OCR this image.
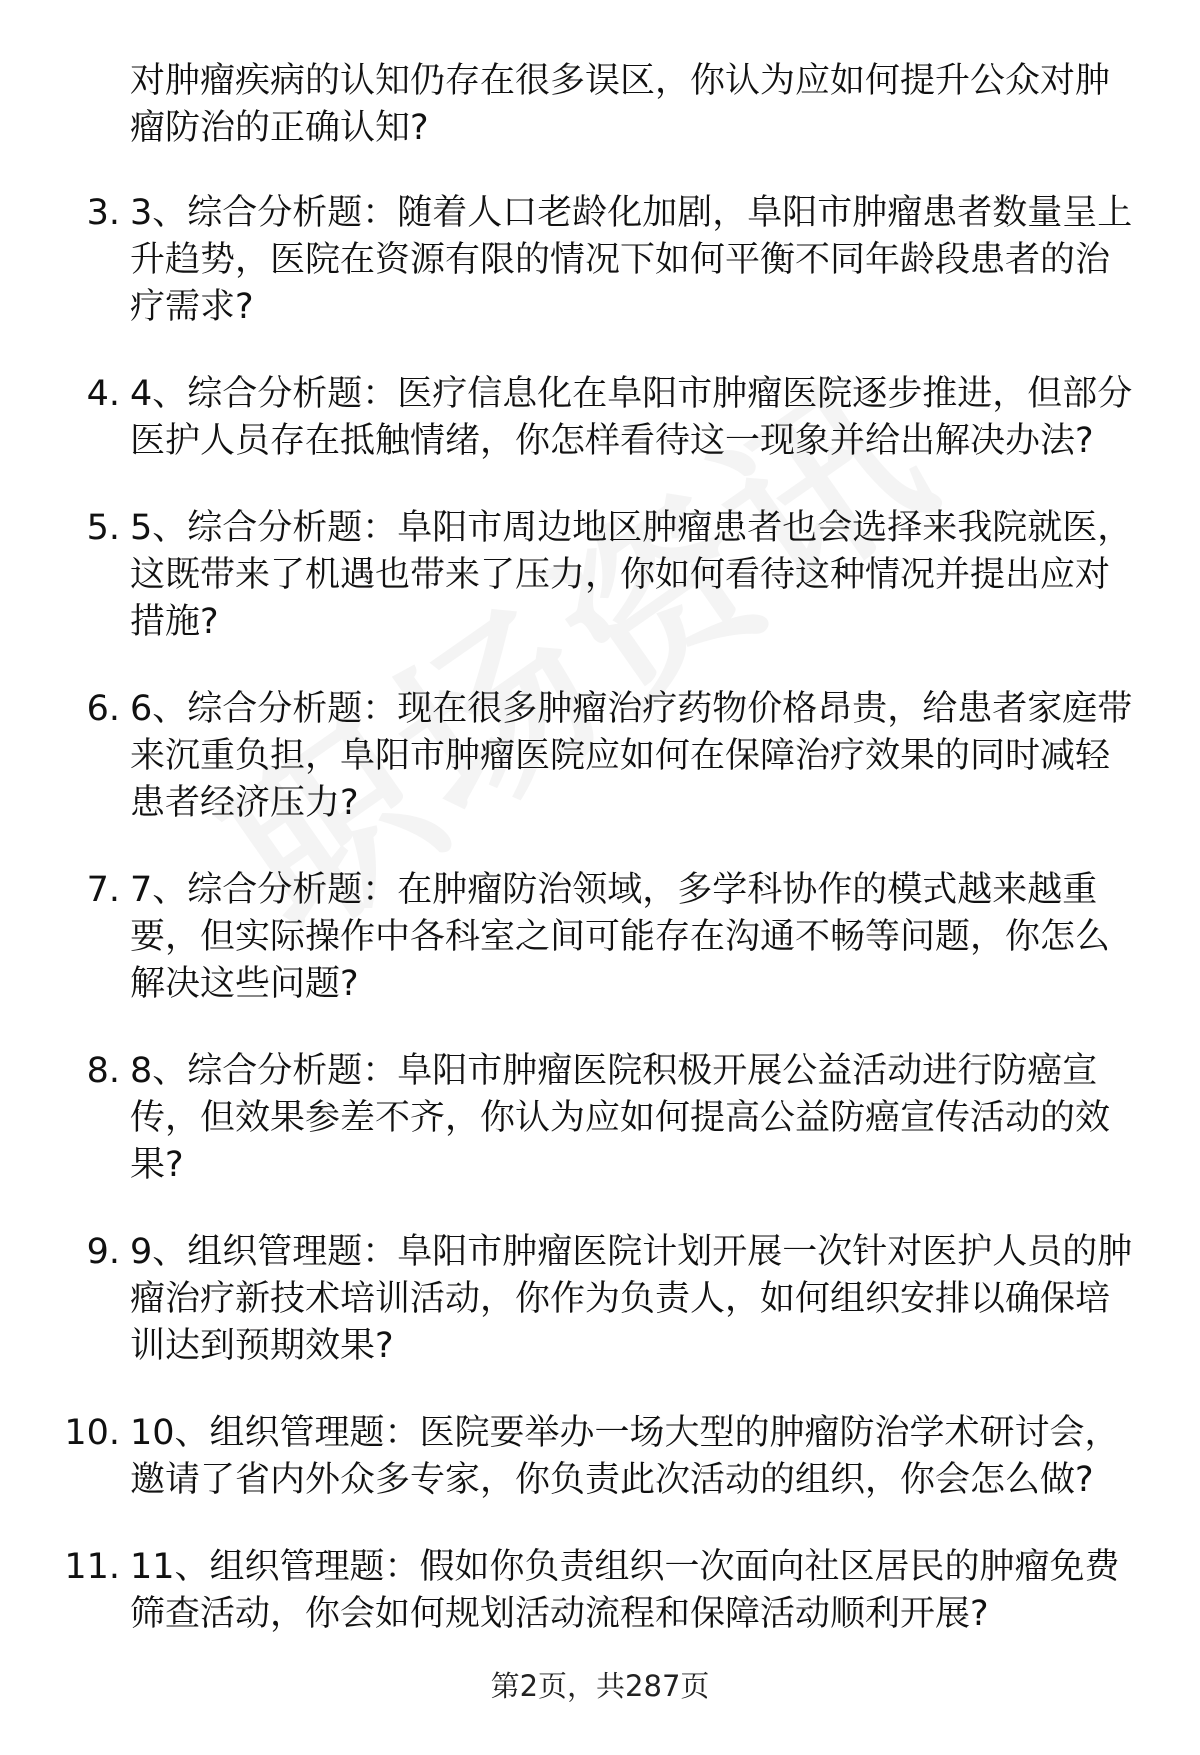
对肿瘤疾病的认知仍存在很多误区，你认为应如何提升公众对肿瘤防治的正确认知?
3. 3、综合分析题：随着人口老龄化加剧，阜阳市肿瘤患者数量呈上升趋势，医院在资源有限的情况下如何平衡不同年龄段患者的治疗需求?
4. 4、综合分析题：医疗信息化在阜阳市肿瘤医院逐步推进，但部分医护人员存在抵触情绪，你怎样看待这一现象并给出解决办法?
5. 5、综合分析题：阜阳市周边地区肿瘤患者也会选择来我院就医，这既带来了机遇也带来了压力，你如何看待这种情况并提出应对措施?
6. 6、综合分析题：现在很多肿瘤治疗药物价格昂贵，给患者家庭带来沉重负担，阜阳市肿瘤医院应如何在保障治疗效果的同时减轻患者经济压力?
7. 7、综合分析题：在肿瘤防治领域，多学科协作的模式越来越重要，但实际操作中各科室之间可能存在沟通不畅等问题，你怎么解决这些问题?
8. 8、综合分析题：阜阳市肿瘤医院积极开展公益活动进行防癌宣传，但效果参差不齐，你认为应如何提高公益防癌宣传活动的效果?
9. 9、组织管理题：阜阳市肿瘤医院计划开展一次针对医护人员的肿瘤治疗新技术培训活动，你作为负责人，如何组织安排以确保培训达到预期效果?
10. 10、组织管理题：医院要举办一场大型的肿瘤防治学术研讨会，邀请了省内外众多专家，你负责此次活动的组织，你会怎么做?
11. 11、组织管理题：假如你负责组织一次面向社区居民的肿瘤免费筛查活动，你会如何规划活动流程和保障活动顺利开展?
第2页，共287页
